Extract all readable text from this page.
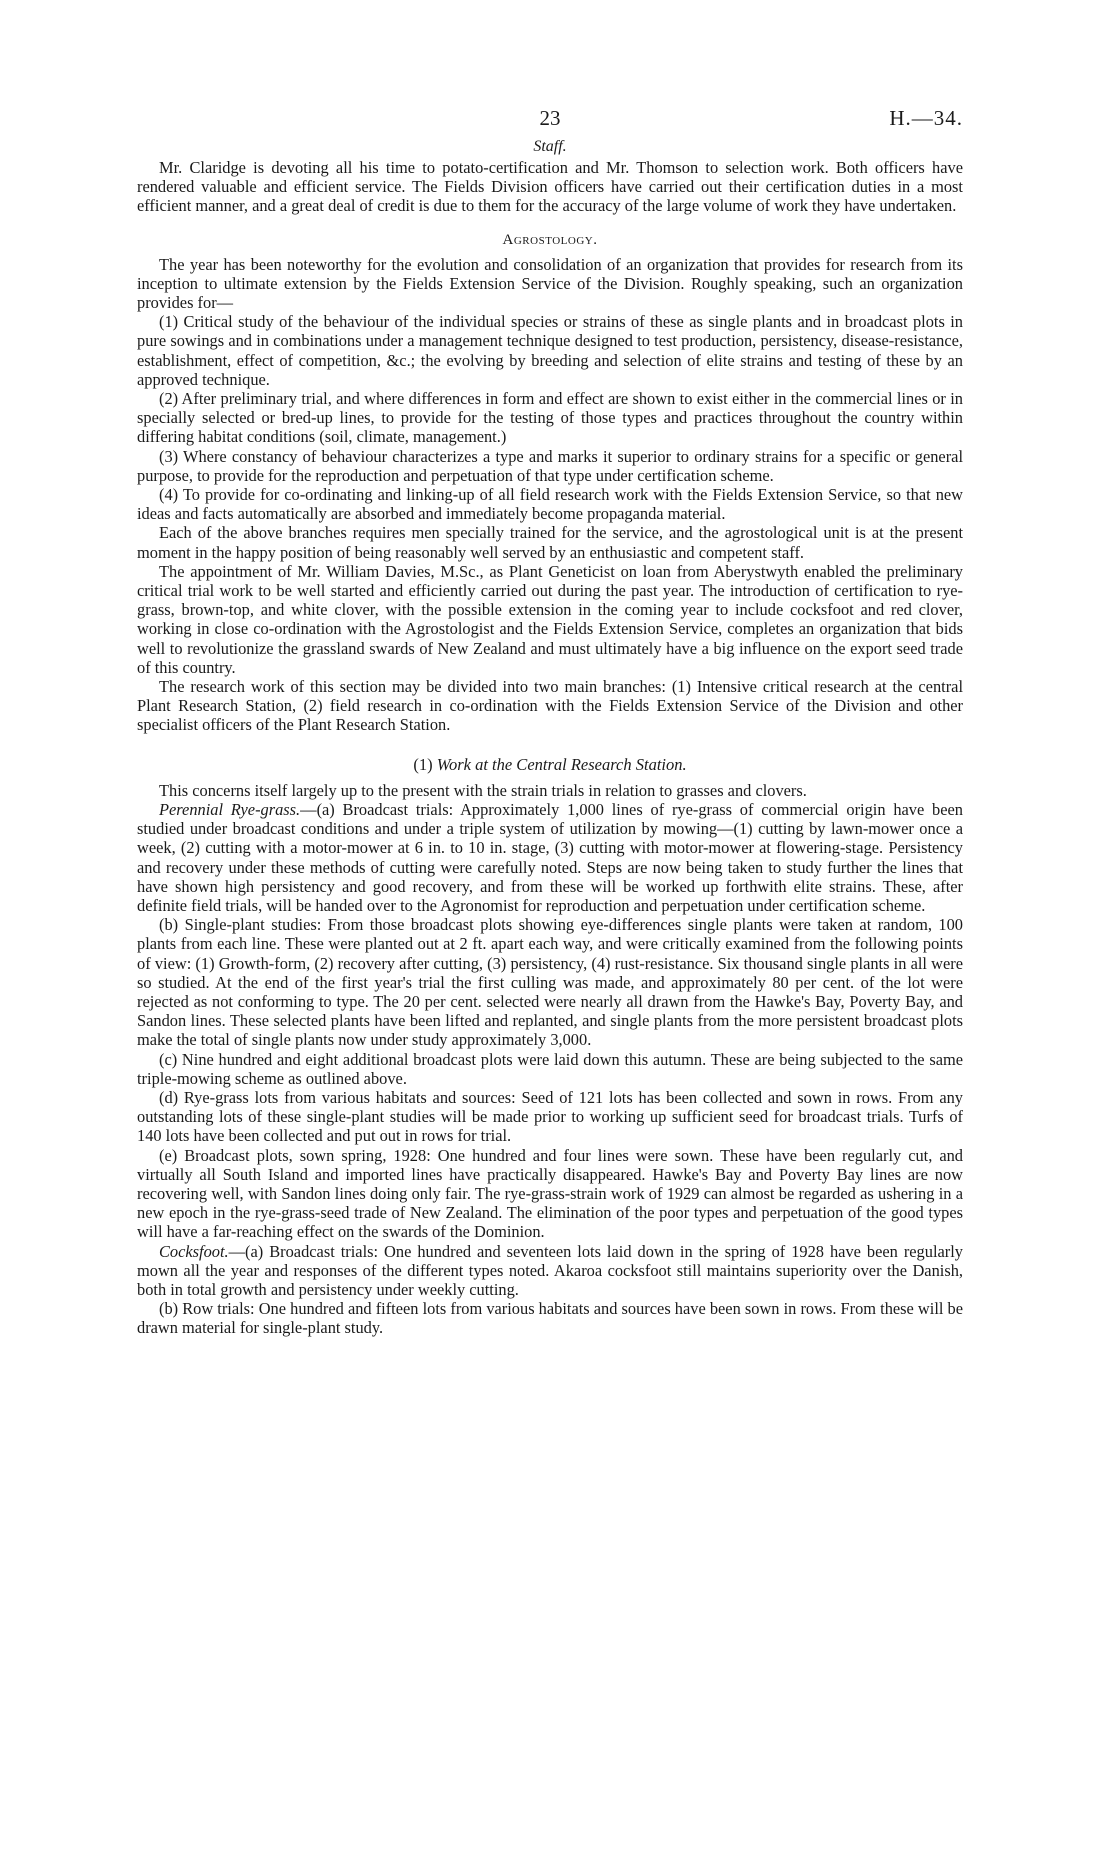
23	H.—34.
Staff.

Mr. Claridge is devoting all his time to potato-certification and Mr. Thomson to selection work. Both officers have rendered valuable and efficient service. The Fields Division officers have carried out their certification duties in a most efficient manner, and a great deal of credit is due to them for the accuracy of the large volume of work they have undertaken.

Agrostology.

The year has been noteworthy for the evolution and consolidation of an organization that provides for research from its inception to ultimate extension by the Fields Extension Service of the Division. Roughly speaking, such an organization provides for—

(1) Critical study of the behaviour of the individual species or strains of these as single plants and in broadcast plots in pure sowings and in combinations under a management technique designed to test production, persistency, disease-resistance, establishment, effect of competition, &c.; the evolving by breeding and selection of elite strains and testing of these by an approved technique.

(2) After preliminary trial, and where differences in form and effect are shown to exist either in the commercial lines or in specially selected or bred-up lines, to provide for the testing of those types and practices throughout the country within differing habitat conditions (soil, climate, management.)

(3) Where constancy of behaviour characterizes a type and marks it superior to ordinary strains for a specific or general purpose, to provide for the reproduction and perpetuation of that type under certification scheme.

(4) To provide for co-ordinating and linking-up of all field research work with the Fields Extension Service, so that new ideas and facts automatically are absorbed and immediately become propaganda material.

Each of the above branches requires men specially trained for the service, and the agrostological unit is at the present moment in the happy position of being reasonably well served by an enthusiastic and competent staff.

The appointment of Mr. William Davies, M.Sc., as Plant Geneticist on loan from Aberystwyth enabled the preliminary critical trial work to be well started and efficiently carried out during the past year. The introduction of certification to rye-grass, brown-top, and white clover, with the possible extension in the coming year to include cocksfoot and red clover, working in close co-ordination with the Agrostologist and the Fields Extension Service, completes an organization that bids well to revolutionize the grassland swards of New Zealand and must ultimately have a big influence on the export seed trade of this country.

The research work of this section may be divided into two main branches: (1) Intensive critical research at the central Plant Research Station, (2) field research in co-ordination with the Fields Extension Service of the Division and other specialist officers of the Plant Research Station.

(1) Work at the Central Research Station.

This concerns itself largely up to the present with the strain trials in relation to grasses and clovers.

Perennial Rye-grass.—(a) Broadcast trials: Approximately 1,000 lines of rye-grass of commercial origin have been studied under broadcast conditions and under a triple system of utilization by mowing—(1) cutting by lawn-mower once a week, (2) cutting with a motor-mower at 6 in. to 10 in. stage, (3) cutting with motor-mower at flowering-stage. Persistency and recovery under these methods of cutting were carefully noted. Steps are now being taken to study further the lines that have shown high persistency and good recovery, and from these will be worked up forthwith elite strains. These, after definite field trials, will be handed over to the Agronomist for reproduction and perpetuation under certification scheme.

(b) Single-plant studies: From those broadcast plots showing eye-differences single plants were taken at random, 100 plants from each line. These were planted out at 2 ft. apart each way, and were critically examined from the following points of view: (1) Growth-form, (2) recovery after cutting, (3) persistency, (4) rust-resistance. Six thousand single plants in all were so studied. At the end of the first year's trial the first culling was made, and approximately 80 per cent. of the lot were rejected as not conforming to type. The 20 per cent. selected were nearly all drawn from the Hawke's Bay, Poverty Bay, and Sandon lines. These selected plants have been lifted and replanted, and single plants from the more persistent broadcast plots make the total of single plants now under study approximately 3,000.

(c) Nine hundred and eight additional broadcast plots were laid down this autumn. These are being subjected to the same triple-mowing scheme as outlined above.

(d) Rye-grass lots from various habitats and sources: Seed of 121 lots has been collected and sown in rows. From any outstanding lots of these single-plant studies will be made prior to working up sufficient seed for broadcast trials. Turfs of 140 lots have been collected and put out in rows for trial.

(e) Broadcast plots, sown spring, 1928: One hundred and four lines were sown. These have been regularly cut, and virtually all South Island and imported lines have practically disappeared. Hawke's Bay and Poverty Bay lines are now recovering well, with Sandon lines doing only fair. The rye-grass-strain work of 1929 can almost be regarded as ushering in a new epoch in the rye-grass-seed trade of New Zealand. The elimination of the poor types and perpetuation of the good types will have a far-reaching effect on the swards of the Dominion.

Cocksfoot.—(a) Broadcast trials: One hundred and seventeen lots laid down in the spring of 1928 have been regularly mown all the year and responses of the different types noted. Akaroa cocksfoot still maintains superiority over the Danish, both in total growth and persistency under weekly cutting.

(b) Row trials: One hundred and fifteen lots from various habitats and sources have been sown in rows. From these will be drawn material for single-plant study.
